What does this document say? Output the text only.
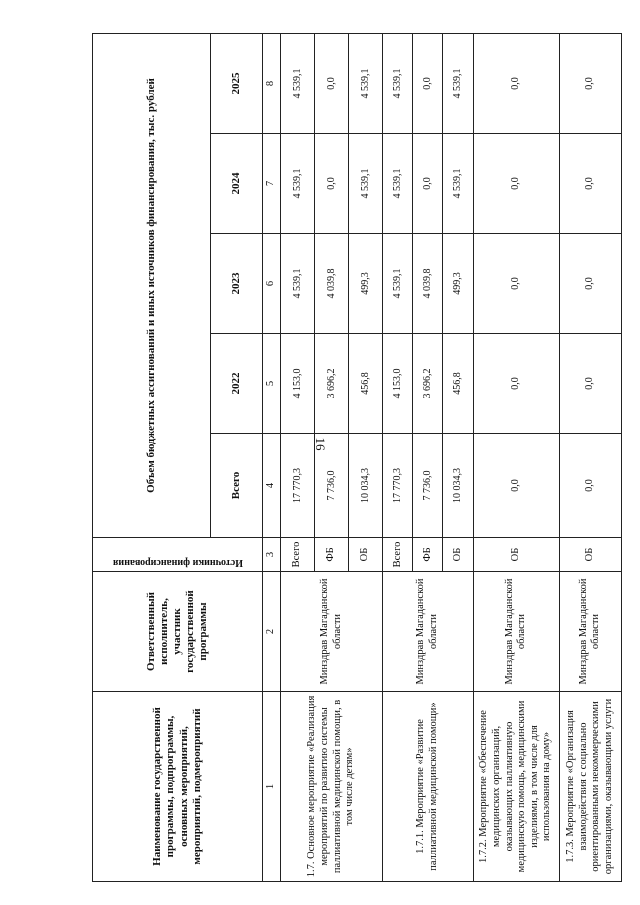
16
Наименование государственной программы, подпрограммы, основных мероприятий, мероприятий, подмероприятий	Ответственный исполнитель, участник государственной программы	Источники финансирования	Объем бюджетных ассигнований и иных источников финансирования, тыс. рублей				
			Всего	2022	2023	2024	2025
1	2	3	4	5	6	7	8
1.7. Основное мероприятие «Реализация мероприятий по развитию системы паллиативной медицинской помощи, в том числе детям»	Минздрав Магаданской области	Всего	17 770,3	4 153,0	4 539,1	4 539,1	4 539,1
		ФБ	7 736,0	3 696,2	4 039,8	0,0	0,0
		ОБ	10 034,3	456,8	499,3	4 539,1	4 539,1
1.7.1. Мероприятие «Развитие паллиативной медицинской помощи»	Минздрав Магаданской области	Всего	17 770,3	4 153,0	4 539,1	4 539,1	4 539,1
		ФБ	7 736,0	3 696,2	4 039,8	0,0	0,0
		ОБ	10 034,3	456,8	499,3	4 539,1	4 539,1
1.7.2. Мероприятие «Обеспечение медицинских организаций, оказывающих паллиативную медицинскую помощь, медицинскими изделиями, в том числе для использования на дому»	Минздрав Магаданской области	ОБ	0,0	0,0	0,0	0,0	0,0
1.7.3. Мероприятие «Организация взаимодействия с социально ориентированными некоммерческими организациями, оказывающими услуги	Минздрав Магаданской области	ОБ	0,0	0,0	0,0	0,0	0,0
